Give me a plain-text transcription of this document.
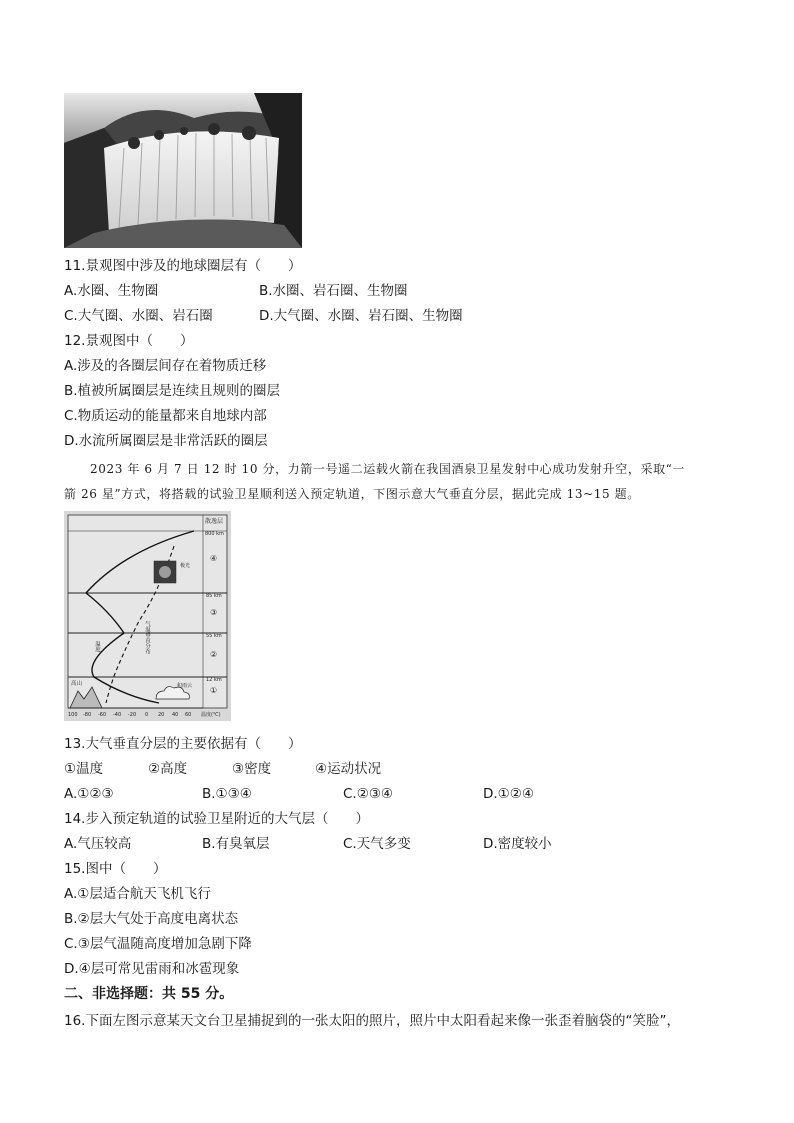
11.景观图中涉及的地球圈层有（　　）
A.水圈、生物圈	B.水圈、岩石圈、生物圈
C.大气圈、水圈、岩石圈	D.大气圈、水圈、岩石圈、生物圈
12.景观图中（　　）
A.涉及的各圈层间存在着物质迁移
B.植被所属圈层是连续且规则的圈层
C.物质运动的能量都来自地球内部
D.水流所属圈层是非常活跃的圈层
2023 年 6 月 7 日 12 时 10 分，力箭一号遥二运载火箭在我国酒泉卫星发射中心成功发射升空，采取“一
箭 26 星”方式，将搭载的试验卫星顺利送入预定轨道，下图示意大气垂直分层，据此完成 13~15 题。
散逸层
800 km
85 km
55 km
12 km
④
③
②
①
极光
气温垂直分布
温度
高山	积雨云
100 -80 -60 -40 -20 0 20 40 60 温度(℃)
13.大气垂直分层的主要依据有（　　）
①温度	②高度	③密度	④运动状况
A.①②③	B.①③④	C.②③④	D.①②④
14.步入预定轨道的试验卫星附近的大气层（　　）
A.气压较高	B.有臭氧层	C.天气多变	D.密度较小
15.图中（　　）
A.①层适合航天飞机飞行
B.②层大气处于高度电离状态
C.③层气温随高度增加急剧下降
D.④层可常见雷雨和冰雹现象
二、非选择题：共 55 分。
16.下面左图示意某天文台卫星捕捉到的一张太阳的照片，照片中太阳看起来像一张歪着脑袋的“笑脸”，
